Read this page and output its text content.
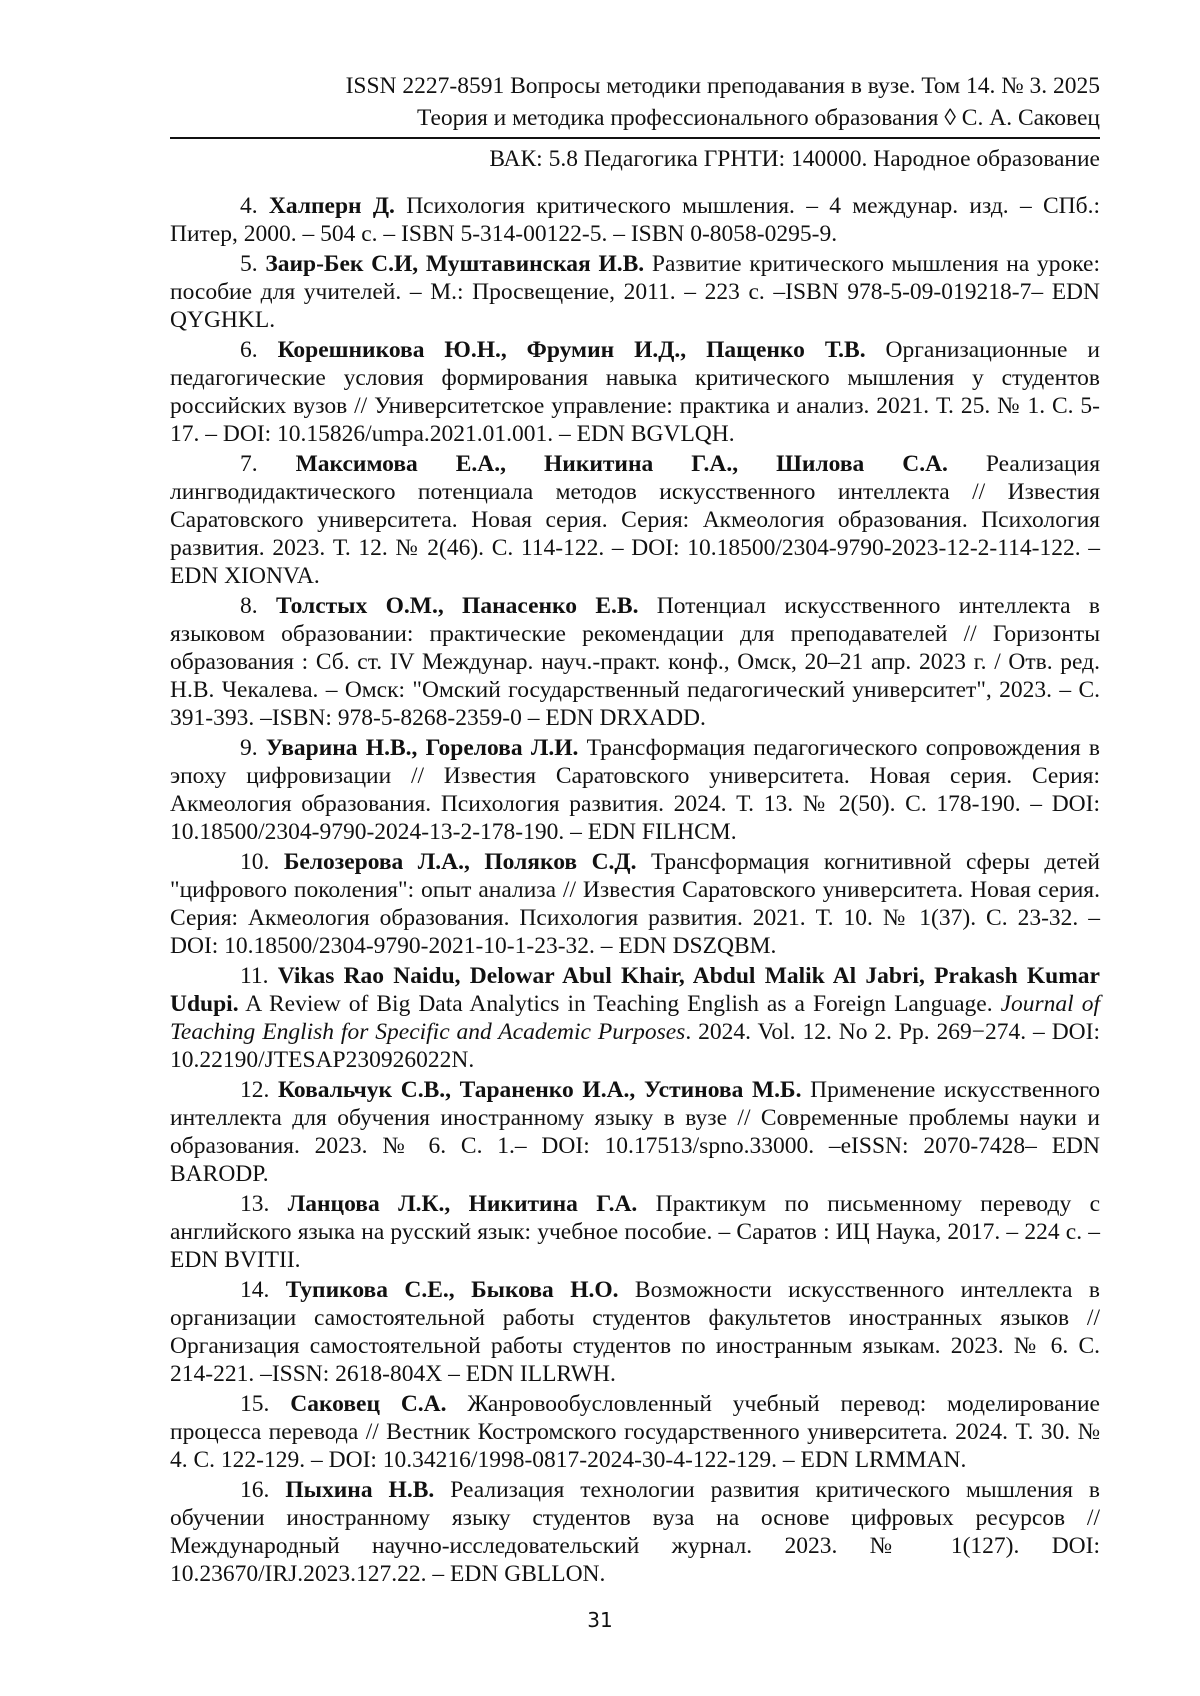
ISSN 2227-8591 Вопросы методики преподавания в вузе. Том 14. № 3. 2025
Теория и методика профессионального образования ◊ С. А. Саковец
ВАК: 5.8 Педагогика ГРНТИ: 140000. Народное образование

4. Халперн Д. Психология критического мышления. – 4 междунар. изд. – СПб.: Питер, 2000. – 504 с. – ISBN 5-314-00122-5. – ISBN 0-8058-0295-9.

5. Заир-Бек С.И, Муштавинская И.В. Развитие критического мышления на уроке: пособие для учителей. – М.: Просвещение, 2011. – 223 с. –ISBN 978-5-09-019218-7– EDN QYGHKL.

6. Корешникова Ю.Н., Фрумин И.Д., Пащенко Т.В. Организационные и педагогические условия формирования навыка критического мышления у студентов российских вузов // Университетское управление: практика и анализ. 2021. Т. 25. № 1. С. 5-17. – DOI: 10.15826/umpa.2021.01.001. – EDN BGVLQH.

7. Максимова Е.А., Никитина Г.А., Шилова С.А. Реализация лингводидактического потенциала методов искусственного интеллекта // Известия Саратовского университета. Новая серия. Серия: Акмеология образования. Психология развития. 2023. Т. 12. № 2(46). С. 114-122. – DOI: 10.18500/2304-9790-2023-12-2-114-122. – EDN XIONVA.

8. Толстых О.М., Панасенко Е.В. Потенциал искусственного интеллекта в языковом образовании: практические рекомендации для преподавателей // Горизонты образования : Сб. ст. IV Междунар. науч.-практ. конф., Омск, 20–21 апр. 2023 г. / Отв. ред. Н.В. Чекалева. – Омск: "Омский государственный педагогический университет", 2023. – С. 391-393. –ISBN: 978-5-8268-2359-0 – EDN DRXADD.

9. Уварина Н.В., Горелова Л.И. Трансформация педагогического сопровождения в эпоху цифровизации // Известия Саратовского университета. Новая серия. Серия: Акмеология образования. Психология развития. 2024. Т. 13. № 2(50). С. 178-190. – DOI: 10.18500/2304-9790-2024-13-2-178-190. – EDN FILHCM.

10. Белозерова Л.А., Поляков С.Д. Трансформация когнитивной сферы детей "цифрового поколения": опыт анализа // Известия Саратовского университета. Новая серия. Серия: Акмеология образования. Психология развития. 2021. Т. 10. № 1(37). С. 23-32. – DOI: 10.18500/2304-9790-2021-10-1-23-32. – EDN DSZQBM.

11. Vikas Rao Naidu, Delowar Abul Khair, Abdul Malik Al Jabri, Prakash Kumar Udupi. A Review of Big Data Analytics in Teaching English as a Foreign Language. Journal of Teaching English for Specific and Academic Purposes. 2024. Vol. 12. No 2. Pp. 269−274. – DOI: 10.22190/JTESAP230926022N.

12. Ковальчук С.В., Тараненко И.А., Устинова М.Б. Применение искусственного интеллекта для обучения иностранному языку в вузе // Современные проблемы науки и образования. 2023. № 6. С. 1.– DOI: 10.17513/spno.33000. –eISSN: 2070-7428– EDN BARODP.

13. Ланцова Л.К., Никитина Г.А. Практикум по письменному переводу с английского языка на русский язык: учебное пособие. – Саратов : ИЦ Наука, 2017. – 224 с. – EDN BVITII.

14. Тупикова С.Е., Быкова Н.О. Возможности искусственного интеллекта в организации самостоятельной работы студентов факультетов иностранных языков // Организация самостоятельной работы студентов по иностранным языкам. 2023. № 6. С. 214-221. –ISSN: 2618-804X – EDN ILLRWH.

15. Саковец С.А. Жанровообусловленный учебный перевод: моделирование процесса перевода // Вестник Костромского государственного университета. 2024. Т. 30. № 4. С. 122-129. – DOI: 10.34216/1998-0817-2024-30-4-122-129. – EDN LRMMAN.

16. Пыхина Н.В. Реализация технологии развития критического мышления в обучении иностранному языку студентов вуза на основе цифровых ресурсов // Международный научно-исследовательский журнал. 2023. № 1(127). DOI: 10.23670/IRJ.2023.127.22. – EDN GBLLON.

31
